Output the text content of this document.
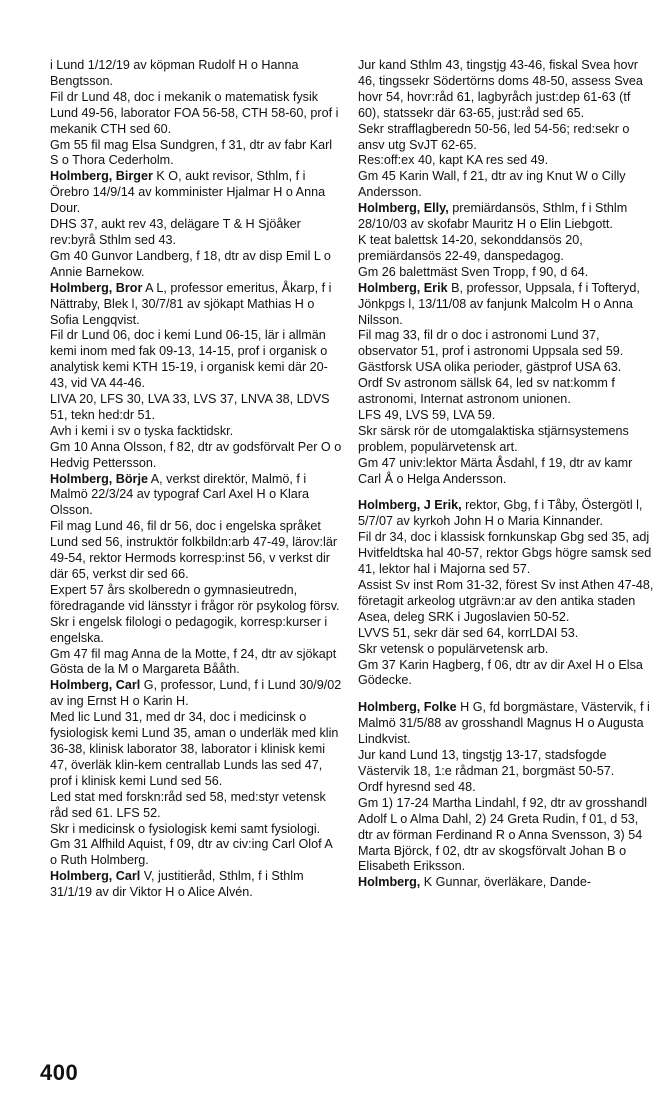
i Lund 1/12/19 av köpman Rudolf H o Hanna Bengtsson.

Fil dr Lund 48, doc i mekanik o matematisk fysik Lund 49-56, laborator FOA 56-58, CTH 58-60, prof i mekanik CTH sed 60.

Gm 55 fil mag Elsa Sundgren, f 31, dtr av fabr Karl S o Thora Cederholm.

Holmberg, Birger K O, aukt revisor, Sthlm, f i Örebro 14/9/14 av komminister Hjalmar H o Anna Dour.

DHS 37, aukt rev 43, delägare T & H Sjöåker rev:byrå Sthlm sed 43.

Gm 40 Gunvor Landberg, f 18, dtr av disp Emil L o Annie Barnekow.

Holmberg, Bror A L, professor emeritus, Åkarp, f i Nättraby, Blek l, 30/7/81 av sjökapt Mathias H o Sofia Lengqvist.

Fil dr Lund 06, doc i kemi Lund 06-15, lär i allmän kemi inom med fak 09-13, 14-15, prof i organisk o analytisk kemi KTH 15-19, i organisk kemi där 20-43, vid VA 44-46.

LIVA 20, LFS 30, LVA 33, LVS 37, LNVA 38, LDVS 51, tekn hed:dr 51.

Avh i kemi i sv o tyska facktidskr.

Gm 10 Anna Olsson, f 82, dtr av godsförvalt Per O o Hedvig Pettersson.

Holmberg, Börje A, verkst direktör, Malmö, f i Malmö 22/3/24 av typograf Carl Axel H o Klara Olsson.

Fil mag Lund 46, fil dr 56, doc i engelska språket Lund sed 56, instruktör folkbildn:arb 47-49, lärov:lär 49-54, rektor Hermods korresp:inst 56, v verkst dir där 65, verkst dir sed 66.

Expert 57 års skolberedn o gymnasieutredn, föredragande vid länsstyr i frågor rör psykolog försv.

Skr i engelsk filologi o pedagogik, korresp:kurser i engelska.

Gm 47 fil mag Anna de la Motte, f 24, dtr av sjökapt Gösta de la M o Margareta Bååth.

Holmberg, Carl G, professor, Lund, f i Lund 30/9/02 av ing Ernst H o Karin H.

Med lic Lund 31, med dr 34, doc i medicinsk o fysiologisk kemi Lund 35, aman o underläk med klin 36-38, klinisk laborator 38, laborator i klinisk kemi 47, överläk klin-kem centrallab Lunds las sed 47, prof i klinisk kemi Lund sed 56.

Led stat med forskn:råd sed 58, med:styr vetensk råd sed 61. LFS 52.

Skr i medicinsk o fysiologisk kemi samt fysiologi.

Gm 31 Alfhild Aquist, f 09, dtr av civ:ing Carl Olof A o Ruth Holmberg.

Holmberg, Carl V, justitieråd, Sthlm, f i Sthlm 31/1/19 av dir Viktor H o Alice Alvén.

Jur kand Sthlm 43, tingstjg 43-46, fiskal Svea hovr 46, tingssekr Södertörns doms 48-50, assess Svea hovr 54, hovr:råd 61, lagbyråch just:dep 61-63 (tf 60), statssekr där 63-65, just:råd sed 65.

Sekr strafflagberedn 50-56, led 54-56; red:sekr o ansv utg SvJT 62-65.

Res:off:ex 40, kapt KA res sed 49.

Gm 45 Karin Wall, f 21, dtr av ing Knut W o Cilly Andersson.

Holmberg, Elly, premiärdansös, Sthlm, f i Sthlm 28/10/03 av skofabr Mauritz H o Elin Liebgott.

K teat balettsk 14-20, sekonddansös 20, premiärdansös 22-49, danspedagog.

Gm 26 balettmäst Sven Tropp, f 90, d 64.

Holmberg, Erik B, professor, Uppsala, f i Tofteryd, Jönkpgs l, 13/11/08 av fanjunk Malcolm H o Anna Nilsson.

Fil mag 33, fil dr o doc i astronomi Lund 37, observator 51, prof i astronomi Uppsala sed 59.

Gästforsk USA olika perioder, gästprof USA 63.

Ordf Sv astronom sällsk 64, led sv nat:komm f astronomi, Internat astronom unionen.

LFS 49, LVS 59, LVA 59.

Skr särsk rör de utomgalaktiska stjärnsystemens problem, populärvetensk art.

Gm 47 univ:lektor Märta Åsdahl, f 19, dtr av kamr Carl Å o Helga Andersson.

Holmberg, J Erik, rektor, Gbg, f i Tåby, Östergötl l, 5/7/07 av kyrkoh John H o Maria Kinnander.

Fil dr 34, doc i klassisk fornkunskap Gbg sed 35, adj Hvitfeldtska hal 40-57, rektor Gbgs högre samsk sed 41, lektor hal i Majorna sed 57.

Assist Sv inst Rom 31-32, förest Sv inst Athen 47-48, företagit arkeolog utgrävn:ar av den antika staden Asea, deleg SRK i Jugoslavien 50-52.

LVVS 51, sekr där sed 64, korrLDAI 53.

Skr vetensk o populärvetensk arb.

Gm 37 Karin Hagberg, f 06, dtr av dir Axel H o Elsa Gödecke.

Holmberg, Folke H G, fd borgmästare, Västervik, f i Malmö 31/5/88 av grosshandl Magnus H o Augusta Lindkvist.

Jur kand Lund 13, tingstjg 13-17, stadsfogde Västervik 18, 1:e rådman 21, borgmäst 50-57.

Ordf hyresnd sed 48.

Gm 1) 17-24 Martha Lindahl, f 92, dtr av grosshandl Adolf L o Alma Dahl, 2) 24 Greta Rudin, f 01, d 53, dtr av förman Ferdinand R o Anna Svensson, 3) 54 Marta Björck, f 02, dtr av skogsförvalt Johan B o Elisabeth Eriksson.

Holmberg, K Gunnar, överläkare, Dande-

400
